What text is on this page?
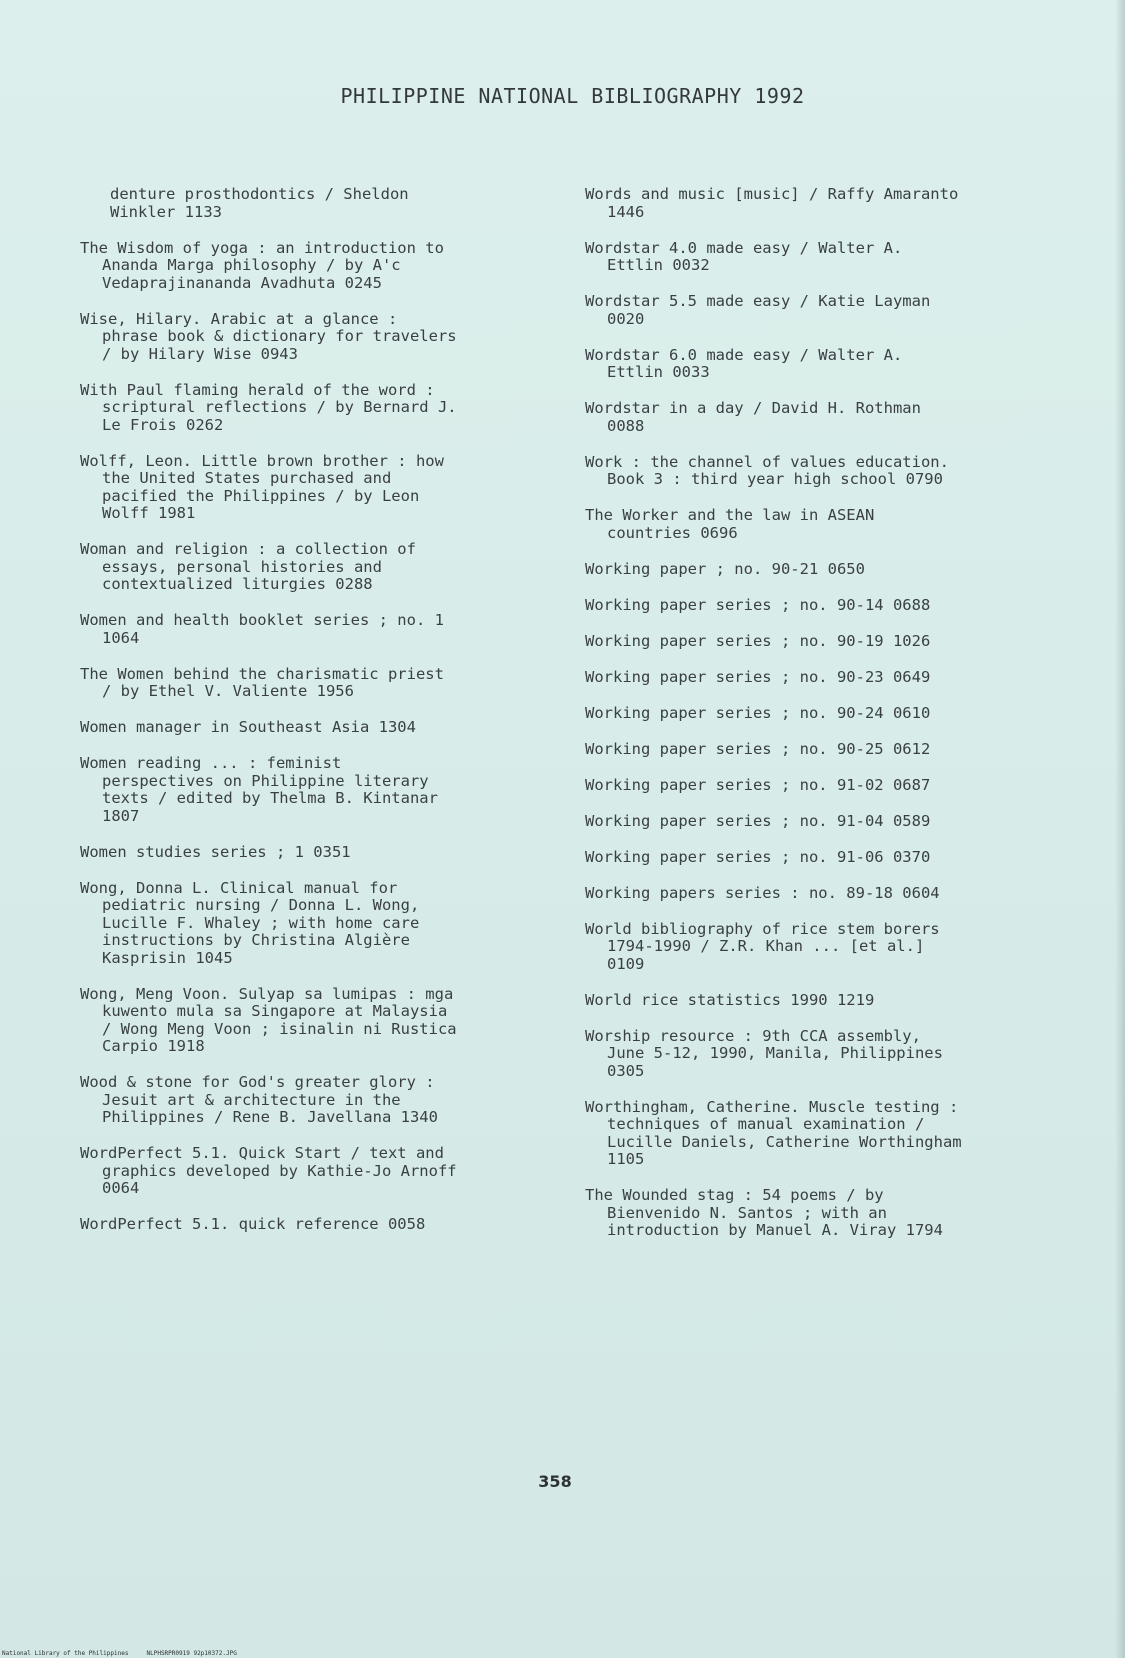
PHILIPPINE NATIONAL BIBLIOGRAPHY 1992

denture prosthodontics / Sheldon
Winkler 1133

The Wisdom of yoga : an introduction to
Ananda Marga philosophy / by A'c
Vedaprajinananda Avadhuta 0245

Wise, Hilary. Arabic at a glance :
phrase book & dictionary for travelers
/ by Hilary Wise 0943

With Paul flaming herald of the word :
scriptural reflections / by Bernard J.
Le Frois 0262

Wolff, Leon. Little brown brother : how
the United States purchased and
pacified the Philippines / by Leon
Wolff 1981

Woman and religion : a collection of
essays, personal histories and
contextualized liturgies 0288

Women and health booklet series ; no. 1
1064

The Women behind the charismatic priest
/ by Ethel V. Valiente 1956

Women manager in Southeast Asia 1304

Women reading ... : feminist
perspectives on Philippine literary
texts / edited by Thelma B. Kintanar
1807

Women studies series ; 1 0351

Wong, Donna L. Clinical manual for
pediatric nursing / Donna L. Wong,
Lucille F. Whaley ; with home care
instructions by Christina Algière
Kasprisin 1045

Wong, Meng Voon. Sulyap sa lumipas : mga
kuwento mula sa Singapore at Malaysia
/ Wong Meng Voon ; isinalin ni Rustica
Carpio 1918

Wood & stone for God's greater glory :
Jesuit art & architecture in the
Philippines / Rene B. Javellana 1340

WordPerfect 5.1. Quick Start / text and
graphics developed by Kathie-Jo Arnoff
0064

WordPerfect 5.1. quick reference 0058

Words and music [music] / Raffy Amaranto
1446

Wordstar 4.0 made easy / Walter A.
Ettlin 0032

Wordstar 5.5 made easy / Katie Layman
0020

Wordstar 6.0 made easy / Walter A.
Ettlin 0033

Wordstar in a day / David H. Rothman
0088

Work : the channel of values education.
Book 3 : third year high school 0790

The Worker and the law in ASEAN
countries 0696

Working paper ; no. 90-21 0650

Working paper series ; no. 90-14 0688

Working paper series ; no. 90-19 1026

Working paper series ; no. 90-23 0649

Working paper series ; no. 90-24 0610

Working paper series ; no. 90-25 0612

Working paper series ; no. 91-02 0687

Working paper series ; no. 91-04 0589

Working paper series ; no. 91-06 0370

Working papers series : no. 89-18 0604

World bibliography of rice stem borers
1794-1990 / Z.R. Khan ... [et al.]
0109

World rice statistics 1990 1219

Worship resource : 9th CCA assembly,
June 5-12, 1990, Manila, Philippines
0305

Worthingham, Catherine. Muscle testing :
techniques of manual examination /
Lucille Daniels, Catherine Worthingham
1105

The Wounded stag : 54 poems / by
Bienvenido N. Santos ; with an
introduction by Manuel A. Viray 1794

358
National Library of the Philippines     NLPHSRPR0919 92p10372.JPG
